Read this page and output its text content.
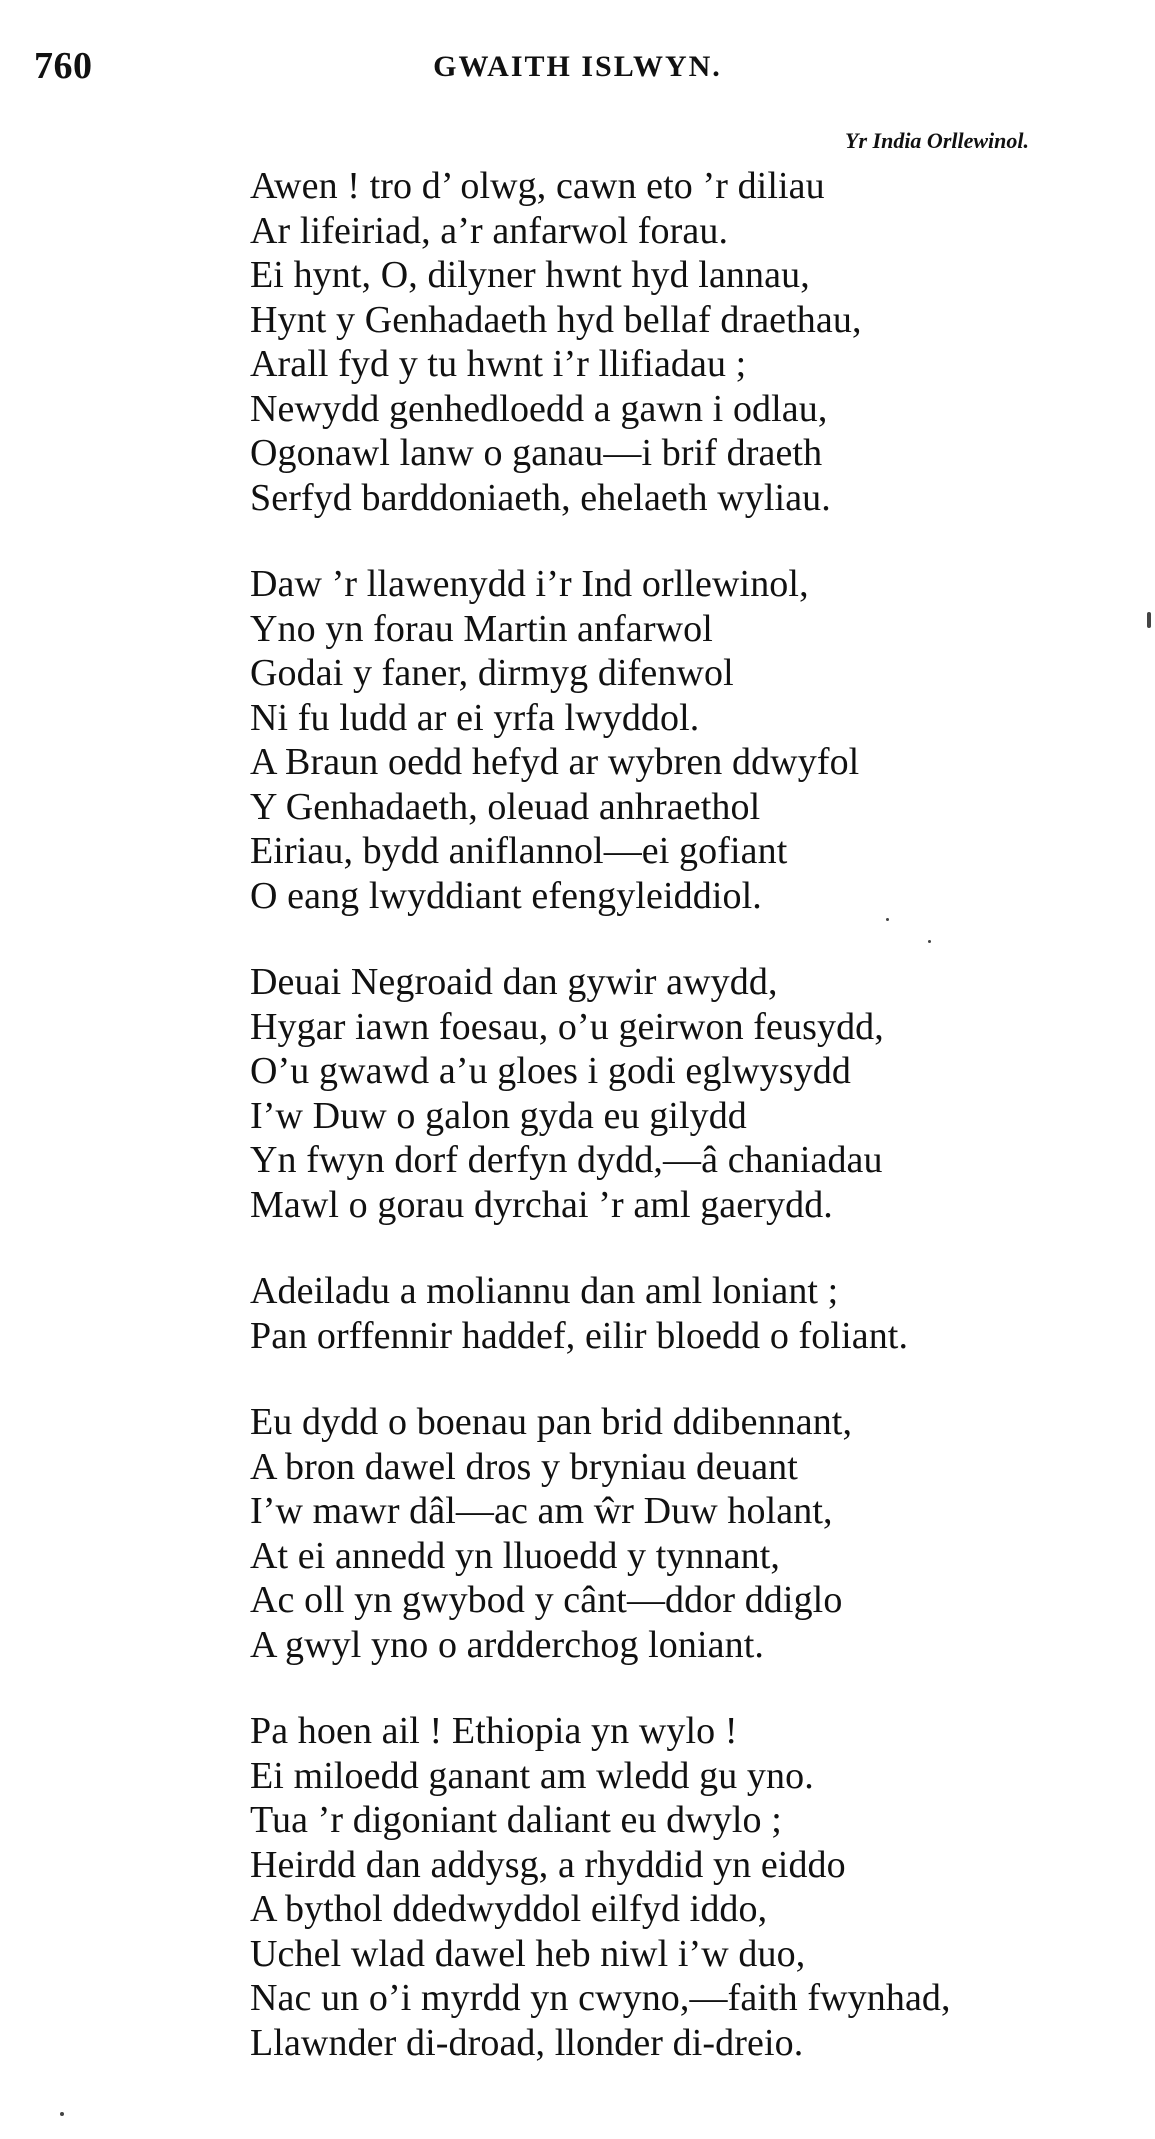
760	GWAITH ISLWYN.
Yr India Orllewinol.
Awen ! tro d’ olwg, cawn eto ’r diliau
Ar lifeiriad, a’r anfarwol forau.
Ei hynt, O, dilyner hwnt hyd lannau,
Hynt y Genhadaeth hyd bellaf draethau,
Arall fyd y tu hwnt i’r llifiadau ;
Newydd genhedloedd a gawn i odlau,
Ogonawl lanw o ganau—i brif draeth
Serfyd barddoniaeth, ehelaeth wyliau.
Daw ’r llawenydd i’r Ind orllewinol,
Yno yn forau Martin anfarwol
Godai y faner, dirmyg difenwol
Ni fu ludd ar ei yrfa lwyddol.
A Braun oedd hefyd ar wybren ddwyfol
Y Genhadaeth, oleuad anhraethol
Eiriau, bydd aniflannol—ei gofiant
O eang lwyddiant efengyleiddiol.
Deuai Negroaid dan gywir awydd,
Hygar iawn foesau, o’u geirwon feusydd,
O’u gwawd a’u gloes i godi eglwysydd
I’w Duw o galon gyda eu gilydd
Yn fwyn dorf derfyn dydd,—â chaniadau
Mawl o gorau dyrchai ’r aml gaerydd.
Adeiladu a moliannu dan aml loniant ;
Pan orffennir haddef, eilir bloedd o foliant.
Eu dydd o boenau pan brid ddibennant,
A bron dawel dros y bryniau deuant
I’w mawr dâl—ac am ŵr Duw holant,
At ei annedd yn lluoedd y tynnant,
Ac oll yn gwybod y cânt—ddor ddiglo
A gwyl yno o ardderchog loniant.
Pa hoen ail ! Ethiopia yn wylo !
Ei miloedd ganant am wledd gu yno.
Tua ’r digoniant daliant eu dwylo ;
Heirdd dan addysg, a rhyddid yn eiddo
A bythol ddedwyddol eilfyd iddo,
Uchel wlad dawel heb niwl i’w duo,
Nac un o’i myrdd yn cwyno,—faith fwynhad,
Llawnder di-droad, llonder di-dreio.
